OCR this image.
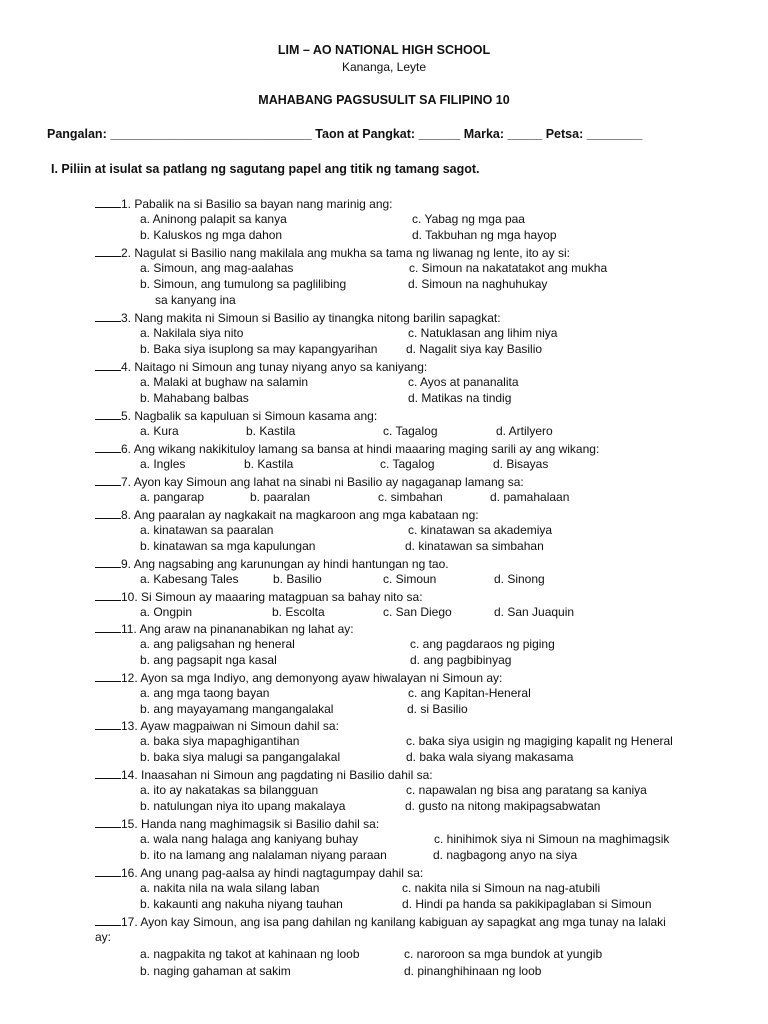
LIM – AO NATIONAL HIGH SCHOOL
Kananga, Leyte
MAHABANG PAGSUSULIT SA FILIPINO 10
Pangalan: _____________________________ Taon at Pangkat: ______ Marka: _____ Petsa: ________
I. Piliin at isulat sa patlang ng sagutang papel ang titik ng tamang sagot.
1. Pabalik na si Basilio sa bayan nang marinig ang:
a. Aninong palapit sa kanya	c. Yabag ng mga paa
b. Kaluskos ng mga dahon	d. Takbuhan ng mga hayop
2. Nagulat si Basilio nang makilala ang mukha sa tama ng liwanag ng lente, ito ay si:
a. Simoun, ang mag-aalahas	c. Simoun na nakatatakot ang mukha
b. Simoun, ang tumulong sa paglilibing	d. Simoun na naghuhukay
sa kanyang ina
3. Nang makita ni Simoun si Basilio ay tinangka nitong barilin sapagkat:
a. Nakilala siya nito	c. Natuklasan ang lihim niya
b. Baka siya isuplong sa may kapangyarihan d. Nagalit siya kay Basilio
4. Naitago ni Simoun ang tunay niyang anyo sa kaniyang:
a. Malaki at bughaw na salamin	c. Ayos at pananalita
b. Mahabang balbas	d. Matikas na tindig
5. Nagbalik sa kapuluan si Simoun kasama ang:
a. Kura	b. Kastila	c. Tagalog	d. Artilyero
6. Ang wikang nakikituloy lamang sa bansa at hindi maaaring maging sarili ay ang wikang:
a. Ingles	b. Kastila	c. Tagalog	d. Bisayas
7. Ayon kay Simoun ang lahat na sinabi ni Basilio ay nagaganap lamang sa:
a. pangarap	b. paaralan	c. simbahan	d. pamahalaan
8. Ang paaralan ay nagkakait na magkaroon ang mga kabataan ng:
a. kinatawan sa paaralan	c. kinatawan sa akademiya
b. kinatawan sa mga kapulungan	d. kinatawan sa simbahan
9. Ang nagsabing ang karunungan ay hindi hantungan ng tao.
a. Kabesang Tales	b. Basilio	c. Simoun	d. Sinong
10. Si Simoun ay maaaring matagpuan sa bahay nito sa:
a. Ongpin	b. Escolta	c. San Diego	d. San Juaquin
11. Ang araw na pinananabikan ng lahat ay:
a. ang paligsahan ng heneral	c. ang pagdaraos ng piging
b. ang pagsapit nga kasal	d. ang pagbibinyag
12. Ayon sa mga Indiyo, ang demonyong ayaw hiwalayan ni Simoun ay:
a. ang mga taong bayan	c. ang Kapitan-Heneral
b. ang mayayamang mangangalakal	d. si Basilio
13. Ayaw magpaiwan ni Simoun dahil sa:
a. baka siya mapaghigantihan	c. baka siya usigin ng magiging kapalit ng Heneral
b. baka siya malugi sa pangangalakal	d. baka wala siyang makasama
14. Inaasahan ni Simoun ang pagdating ni Basilio dahil sa:
a. ito ay nakatakas sa bilangguan	c. napawalan ng bisa ang paratang sa kaniya
b. natulungan niya ito upang makalaya	d. gusto na nitong makipagsabwatan
15. Handa nang maghimagsik si Basilio dahil sa:
a. wala nang halaga ang kaniyang buhay	c. hinihimok siya ni Simoun na maghimagsik
b. ito na lamang ang nalalaman niyang paraan	d. nagbagong anyo na siya
16. Ang unang pag-aalsa ay hindi nagtagumpay dahil sa:
a. nakita nila na wala silang laban	c. nakita nila si Simoun na nag-atubili
b. kakaunti ang nakuha niyang tauhan	d. Hindi pa handa sa pakikipaglaban si Simoun
17. Ayon kay Simoun, ang isa pang dahilan ng kanilang kabiguan ay sapagkat ang mga tunay na lalaki
ay:
a. nagpakita ng takot at kahinaan ng loob	c. naroroon sa mga bundok at yungib
b. naging gahaman at sakim	d. pinanghihinaan ng loob
